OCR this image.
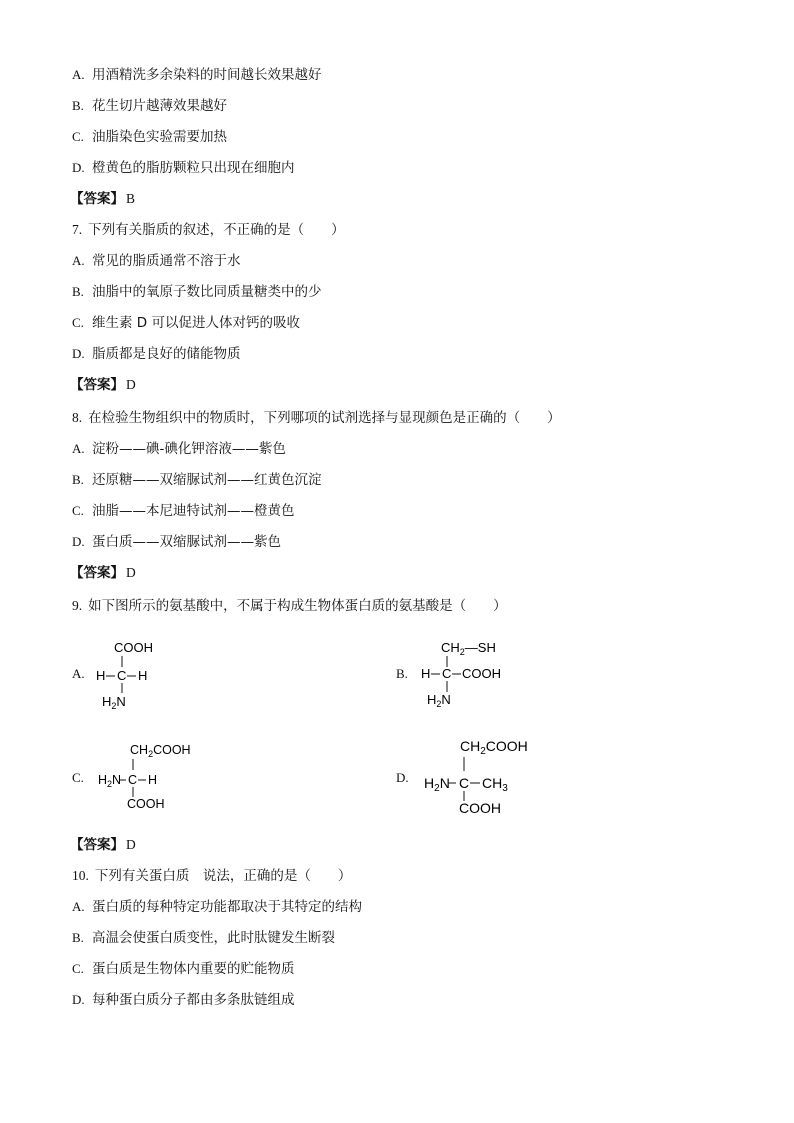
A. 用酒精洗多余染料的时间越长效果越好
B. 花生切片越薄效果越好
C. 油脂染色实验需要加热
D. 橙黄色的脂肪颗粒只出现在细胞内
【答案】 B
7. 下列有关脂质的叙述，不正确的是（　　）
A. 常见的脂质通常不溶于水
B. 油脂中的氧原子数比同质量糖类中的少
C. 维生素 D 可以促进人体对钙的吸收
D. 脂质都是良好的储能物质
【答案】 D
8. 在检验生物组织中的物质时，下列哪项的试剂选择与显现颜色是正确的（　　）
A. 淀粉——碘-碘化钾溶液——紫色
B. 还原糖——双缩脲试剂——红黄色沉淀
C. 油脂——本尼迪特试剂——橙黄色
D. 蛋白质——双缩脲试剂——紫色
【答案】 D
9. 如下图所示的氨基酸中，不属于构成生物体蛋白质的氨基酸是（　　）
A.
COOH
H C H
$H_2N$
B.
$CH_2—SH$
H C COOH
$H_2N$
C.
$CH_2COOH$
$H_2N$ C H
COOH
D.
$CH_2COOH$
$H_2N$ C $CH_3$
COOH
【答案】 D
10. 下列有关蛋白质　说法，正确的是（　　）
A. 蛋白质的每种特定功能都取决于其特定的结构
B. 高温会使蛋白质变性，此时肽键发生断裂
C. 蛋白质是生物体内重要的贮能物质
D. 每种蛋白质分子都由多条肽链组成
